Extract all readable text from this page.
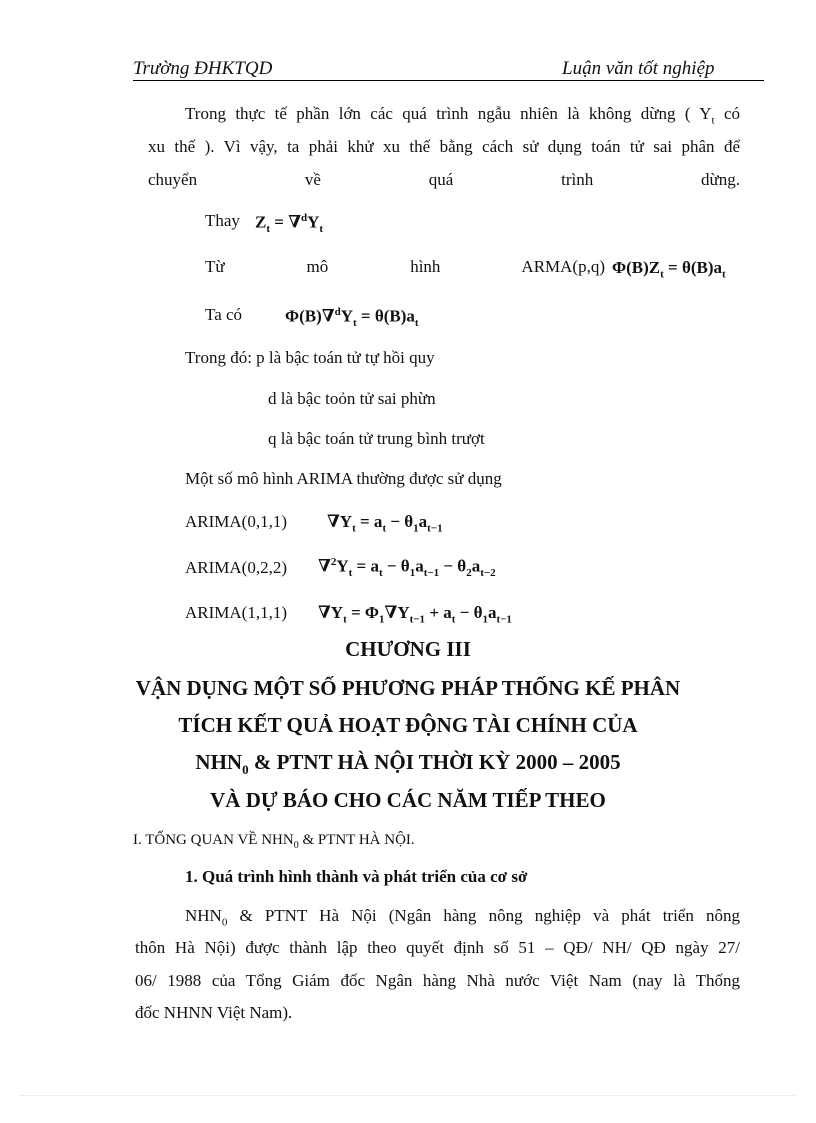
Trường ĐHKTQD	Luận văn tốt nghiệp
Trong thực tế phần lớn các quá trình ngẫu nhiên là không dừng ( $Y_t$ có
xu thế ). Vì vậy, ta phải khử xu thế bằng cách sử dụng toán tử sai phân để
chuyển về quá trình dừng.
Thay $Z_t = \nabla^dY_t$
Từ mô hình ARMA(p,q) $\Phi(B)Z_t = \theta(B)a_t$
Ta có	$\Phi(B)\nabla^dY_t = \theta(B)a_t$
Trong đó: p là bậc toán tử tự hồi quy
d là bậc toỏn tử sai phừn
q là bậc toán tử trung bình trượt
Một số mô hình ARIMA thường được sử dụng
ARIMA(0,1,1) $\nabla Y_t = a_t - \theta_1a_{t-1}$
ARIMA(0,2,2) $\nabla^2Y_t = a_t - \theta_1a_{t-1} - \theta_2a_{t-2}$
ARIMA(1,1,1) $\nabla Y_t = \Phi_1\nabla Y_{t-1} + a_t - \theta_1a_{t-1}$
CHƯƠNG III
VẬN DỤNG MỘT SỐ PHƯƠNG PHÁP THỐNG KẾ PHÂN
TÍCH KẾT QUẢ HOẠT ĐỘNG TÀI CHÍNH CỦA
$NHN_0$ & PTNT HÀ NỘI THỜI KỲ 2000 – 2005
VÀ DỰ BÁO CHO CÁC NĂM TIẾP THEO
I. TỔNG QUAN VỀ $NHN_0$ & PTNT HÀ NỘI.
1. Quá trình hình thành và phát triển của cơ sở
$NHN_0$ & PTNT Hà Nội (Ngân hàng nông nghiệp và phát triển nông
thôn Hà Nội) được thành lập theo quyết định số 51 – QĐ/ NH/ QĐ ngày 27/
06/ 1988 của Tổng Giám đốc Ngân hàng Nhà nước Việt Nam (nay là Thống
đốc NHNN Việt Nam).
